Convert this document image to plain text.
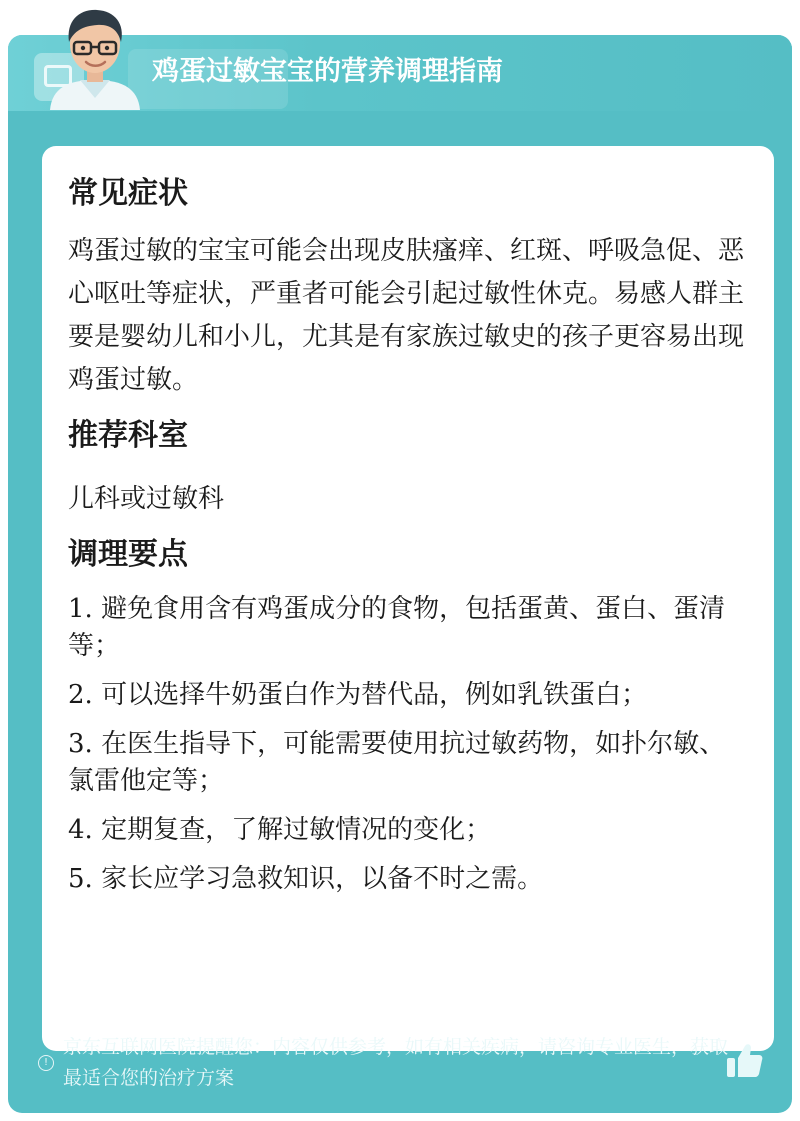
常见症状

鸡蛋过敏的宝宝可能会出现皮肤瘙痒、红斑、呼吸急促、恶心呕吐等症状，严重者可能会引起过敏性休克。易感人群主要是婴幼儿和小儿，尤其是有家族过敏史的孩子更容易出现鸡蛋过敏。

推荐科室

儿科或过敏科

调理要点
1. 避免食用含有鸡蛋成分的食物，包括蛋黄、蛋白、蛋清等；
2. 可以选择牛奶蛋白作为替代品，例如乳铁蛋白；
3. 在医生指导下，可能需要使用抗过敏药物，如扑尔敏、氯雷他定等；
4. 定期复查，了解过敏情况的变化；
5. 家长应学习急救知识，以备不时之需。
!

京东互联网医院提醒您：内容仅供参考，如有相关疾病，请咨询专业医生，获取最适合您的治疗方案

鸡蛋过敏宝宝的营养调理指南
